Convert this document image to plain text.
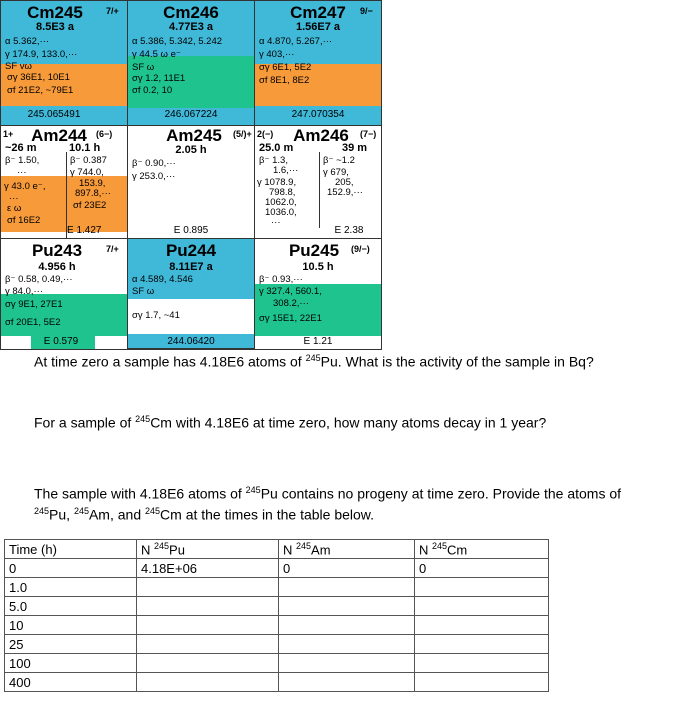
Cm245	7/+
8.5E3 a
α 5.362,···
γ 174.9, 133.0,···
SF vω
σγ 36E1, 10E1
σf 21E2, ~79E1
245.065491
Cm246
4.77E3 a
α 5.386, 5.342, 5.242
γ 44.5 ω e⁻
SF ω
σγ 1.2, 11E1
σf 0.2, 10
246.067224
Cm247	9/−
1.56E7 a
α 4.870, 5.267,···
γ 403,···
σγ 6E1, 5E2
σf 8E1, 8E2
247.070354
1+	Am244	(6−)
~26 m	10.1 h
β⁻ 1.50,
···
γ 43.0 e⁻,
···
ε ω
σf 16E2
β⁻ 0.387
γ 744.0,
153.9,
897.8,···
σf 23E2
E 1.427
Am245	(5/)+
2.05 h
β⁻ 0.90,···
γ 253.0,···
E 0.895
2(−)	Am246	(7−)
25.0 m	39 m
β⁻ 1.3,
1.6,···
γ 1078.9,
798.8,
1062.0,
1036.0,
···
β⁻ ~1.2
γ 679,
205,
152.9,···
E 2.38
Pu243	7/+
4.956 h
β⁻ 0.58, 0.49,···
γ 84.0,···
σγ 9E1, 27E1
σf 20E1, 5E2
E 0.579
Pu244
8.11E7 a
α 4.589, 4.546
SF ω
σγ 1.7, ~41
244.06420
Pu245	(9/−)
10.5 h
β⁻ 0.93,···
γ 327.4, 560.1,
308.2,···
σγ 15E1, 22E1
E 1.21
At time zero a sample has 4.18E6 atoms of $^{245}$Pu. What is the activity of the sample in Bq?
For a sample of $^{245}$Cm with 4.18E6 at time zero, how many atoms decay in 1 year?
The sample with 4.18E6 atoms of $^{245}$Pu contains no progeny at time zero. Provide the atoms of
$^{245}$Pu, $^{245}$Am, and $^{245}$Cm at the times in the table below.
Time (h)	N $^{245}$Pu	N $^{245}$Am	N $^{245}$Cm
0	4.18E+06	0	0
1.0			
5.0			
10			
25			
100			
400			
